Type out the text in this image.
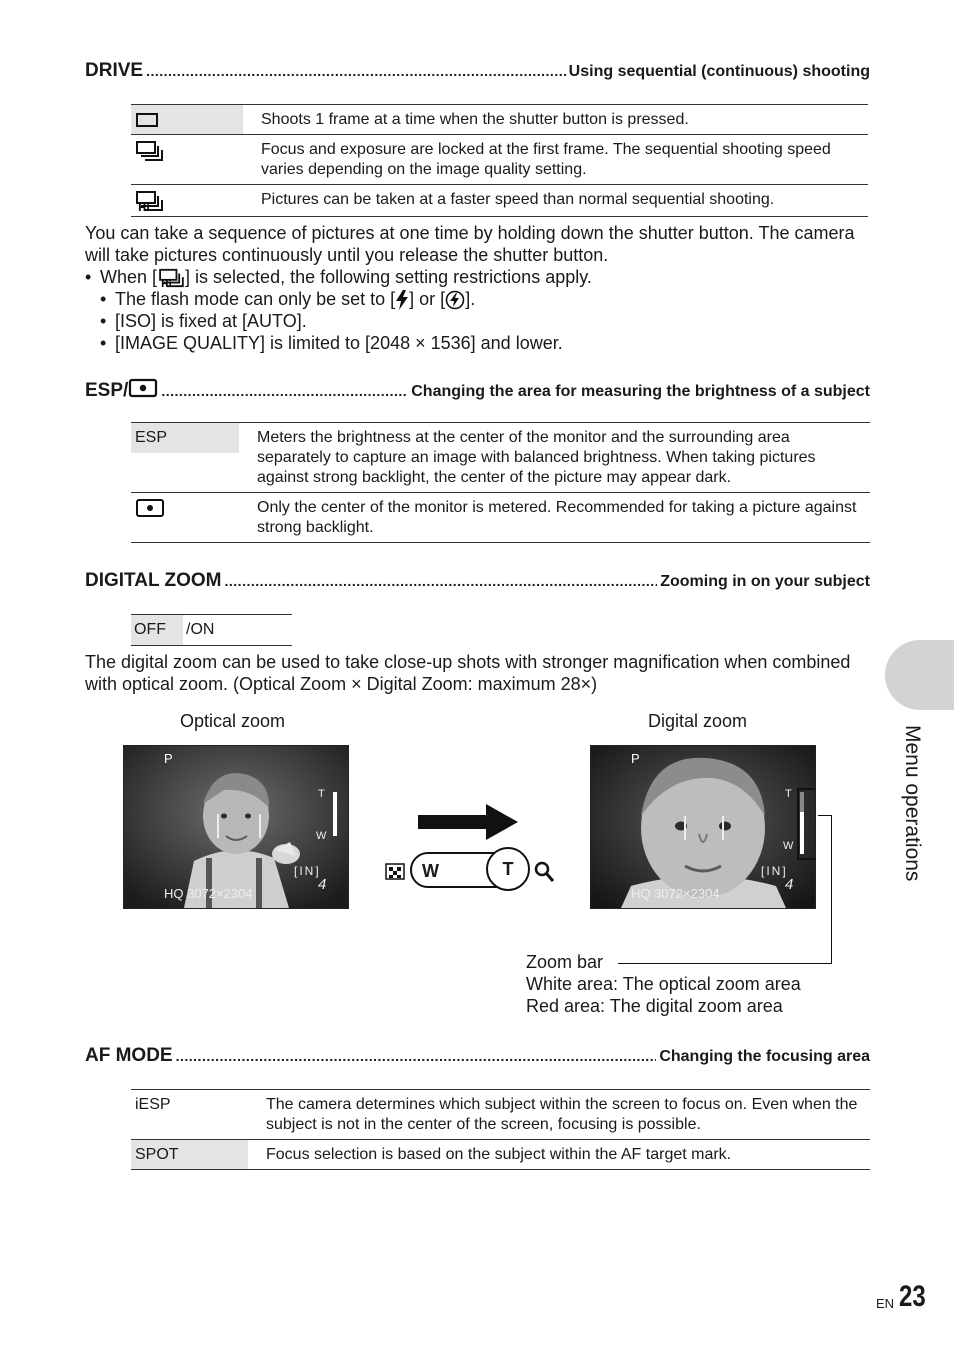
DRIVE .....	Using sequential (continuous) shooting
	Shoots 1 frame at a time when the shutter button is pressed.
	Focus and exposure are locked at the first frame. The sequential shooting speed varies depending on the image quality setting.

Hi	Pictures can be taken at a faster speed than normal sequential shooting.
You can take a sequence of pictures at one time by holding down the shutter button. The camera will take pictures continuously until you release the shutter button.
• When [ Hi ] is selected, the following setting restrictions apply.
• The flash mode can only be set to [ ] or [ ].
• [ISO] is fixed at [AUTO].
• [IMAGE QUALITY] is limited to [2048 × 1536] and lower.
ESP/ .....	Changing the area for measuring the brightness of a subject
ESP	Meters the brightness at the center of the monitor and the surrounding area separately to capture an image with balanced brightness. When taking pictures against strong backlight, the center of the picture may appear dark.
	Only the center of the monitor is metered. Recommended for taking a picture against strong backlight.
DIGITAL ZOOM .....	Zooming in on your subject
OFF	/ON
The digital zoom can be used to take close-up shots with stronger magnification when combined with optical zoom. (Optical Zoom × Digital Zoom: maximum 28×)
Optical zoom	Digital zoom
P
T
W
[IN]
4
HQ 3072×2304
P
T
W
[IN]
4
HQ 3072×2304
W	T
Zoom bar
White area: The optical zoom area
Red area: The digital zoom area
AF MODE .....	Changing the focusing area
iESP	The camera determines which subject within the screen to focus on. Even when the subject is not in the center of the screen, focusing is possible.
SPOT	Focus selection is based on the subject within the AF target mark.
Menu operations
EN 23
